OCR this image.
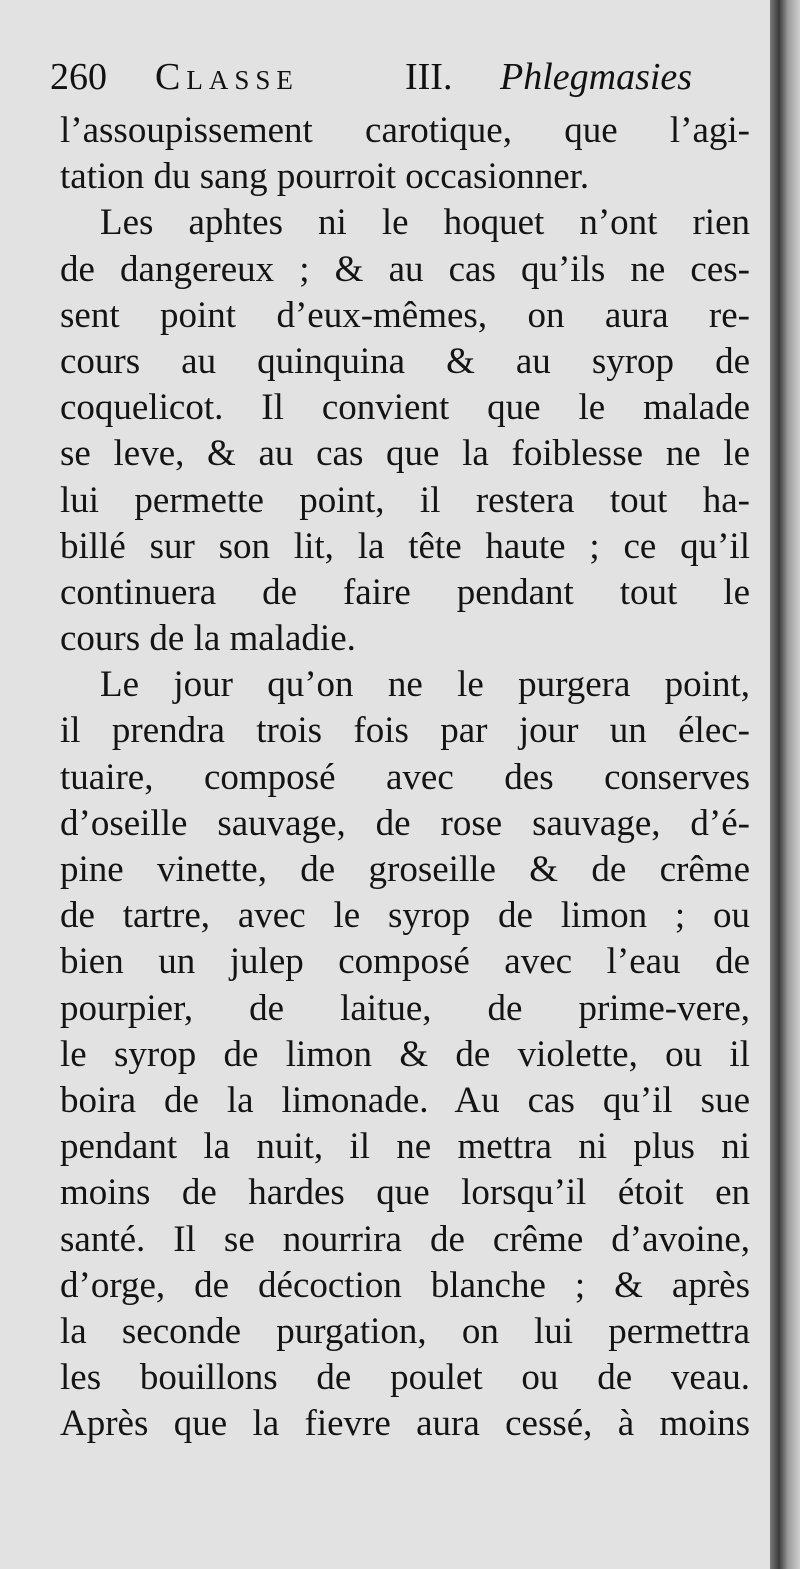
260 Classe	III. Phlegmasies
l’assoupissement carotique, que l’agi-
tation du sang pourroit occasionner.
Les aphtes ni le hoquet n’ont rien
de dangereux ; & au cas qu’ils ne ces-
sent point d’eux-mêmes, on aura re-
cours au quinquina & au syrop de
coquelicot. Il convient que le malade
se leve, & au cas que la foiblesse ne le
lui permette point, il restera tout ha-
billé sur son lit, la tête haute ; ce qu’il
continuera de faire pendant tout le
cours de la maladie.
Le jour qu’on ne le purgera point,
il prendra trois fois par jour un élec-
tuaire, composé avec des conserves
d’oseille sauvage, de rose sauvage, d’é-
pine vinette, de groseille & de crême
de tartre, avec le syrop de limon ; ou
bien un julep composé avec l’eau de
pourpier, de laitue, de prime-vere,
le syrop de limon & de violette, ou il
boira de la limonade. Au cas qu’il sue
pendant la nuit, il ne mettra ni plus ni
moins de hardes que lorsqu’il étoit en
santé. Il se nourrira de crême d’avoine,
d’orge, de décoction blanche ; & après
la seconde purgation, on lui permettra
les bouillons de poulet ou de veau.
Après que la fievre aura cessé, à moins
